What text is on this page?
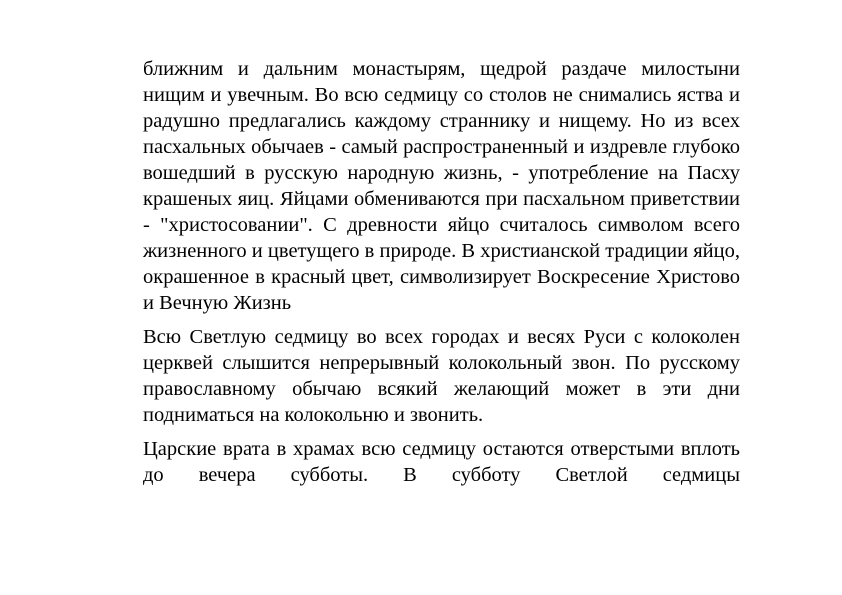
ближним и дальним монастырям, щедрой раздаче милостыни нищим и увечным. Во всю седмицу со столов не снимались яства и радушно предлагались каждому страннику и нищему. Но из всех пасхальных обычаев - самый распространенный и издревле глубоко вошедший в русскую народную жизнь, - употребление на Пасху крашеных яиц. Яйцами обмениваются при пасхальном приветствии - "христосовании". С древности яйцо считалось символом всего жизненного и цветущего в природе. В христианской традиции яйцо, окрашенное в красный цвет, символизирует Воскресение Христово и Вечную Жизнь

Всю Светлую седмицу во всех городах и весях Руси с колоколен церквей слышится непрерывный колокольный звон. По русскому православному обычаю всякий желающий может в эти дни подниматься на колокольню и звонить.

Царские врата в храмах всю седмицу остаются отверстыми вплоть до вечера субботы. В субботу Светлой седмицы
